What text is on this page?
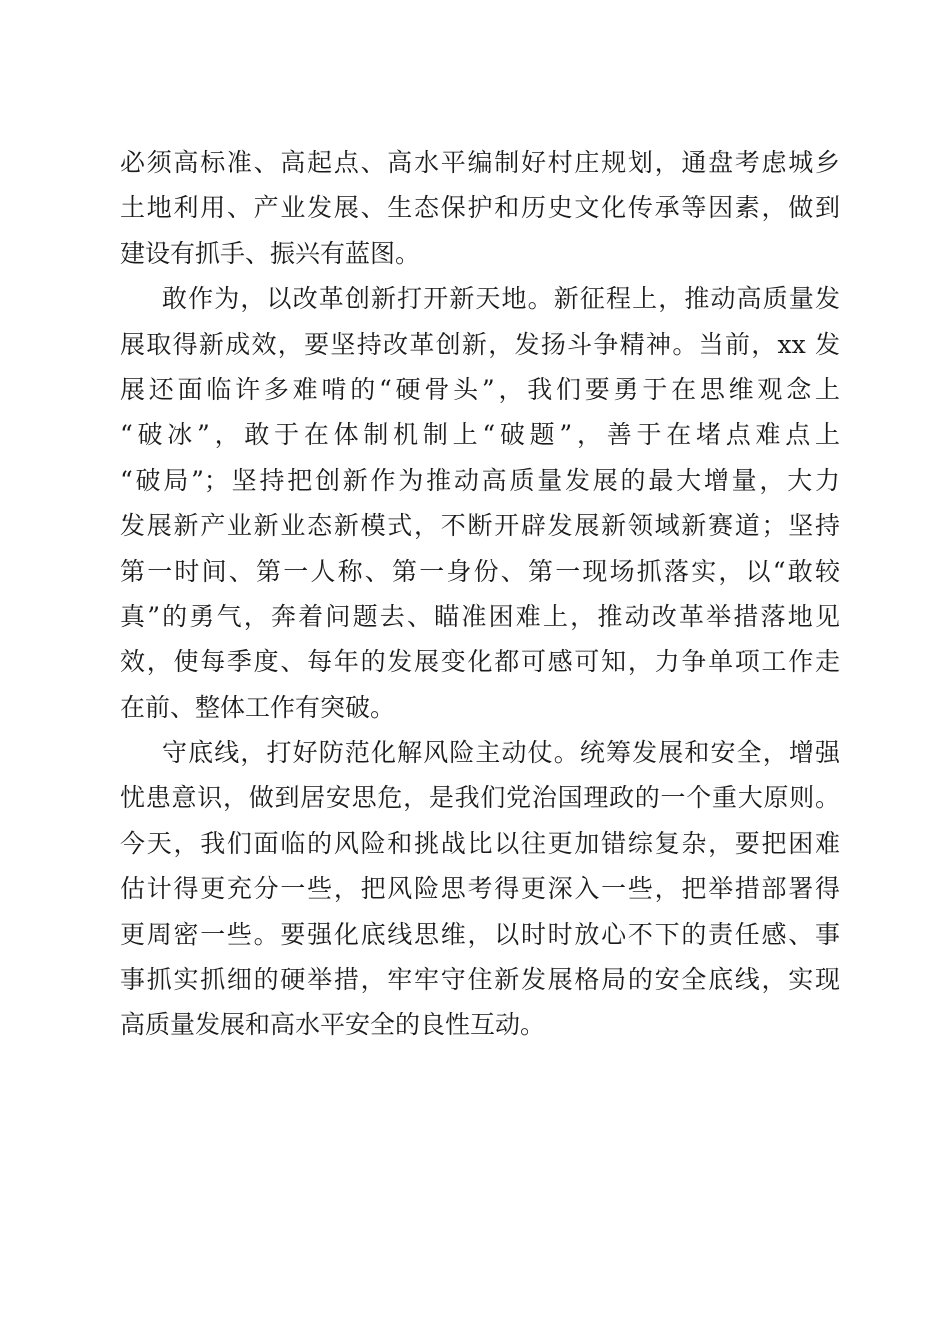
必须高标准、高起点、高水平编制好村庄规划，通盘考虑城乡
土地利用、产业发展、生态保护和历史文化传承等因素，做到
建设有抓手、振兴有蓝图。
敢作为，以改革创新打开新天地。新征程上，推动高质量发
展取得新成效，要坚持改革创新，发扬斗争精神。当前，xx 发
展还面临许多难啃的“硬骨头”，我们要勇于在思维观念上
“破冰”，敢于在体制机制上“破题”，善于在堵点难点上
“破局”；坚持把创新作为推动高质量发展的最大增量，大力
发展新产业新业态新模式，不断开辟发展新领域新赛道；坚持
第一时间、第一人称、第一身份、第一现场抓落实，以“敢较
真”的勇气，奔着问题去、瞄准困难上，推动改革举措落地见
效，使每季度、每年的发展变化都可感可知，力争单项工作走
在前、整体工作有突破。
守底线，打好防范化解风险主动仗。统筹发展和安全，增强
忧患意识，做到居安思危，是我们党治国理政的一个重大原则。
今天，我们面临的风险和挑战比以往更加错综复杂，要把困难
估计得更充分一些，把风险思考得更深入一些，把举措部署得
更周密一些。要强化底线思维，以时时放心不下的责任感、事
事抓实抓细的硬举措，牢牢守住新发展格局的安全底线，实现
高质量发展和高水平安全的良性互动。
